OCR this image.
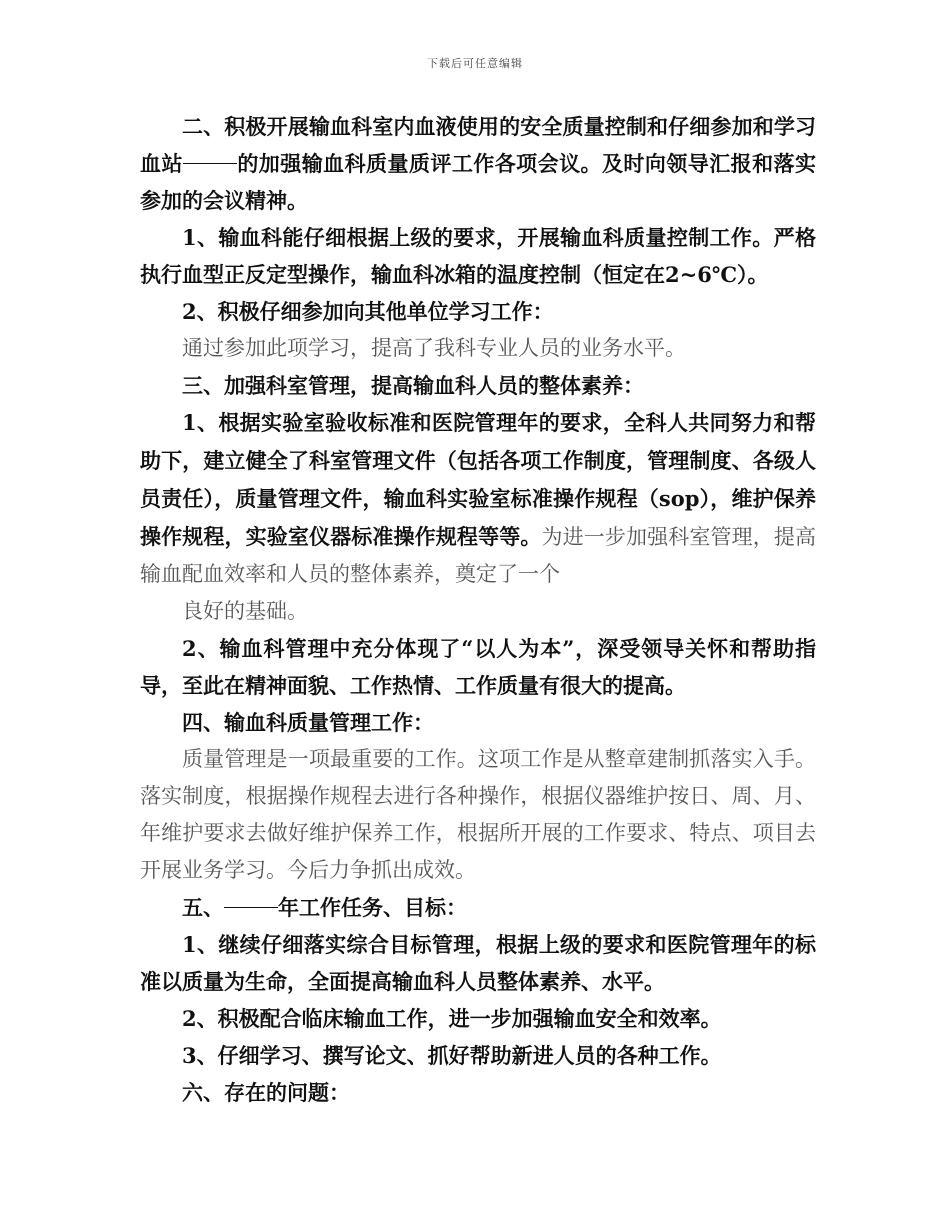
下载后可任意编辑

二、积极开展输血科室内血液使用的安全质量控制和仔细参加和学习血站	的加强输血科质量质评工作各项会议。及时向领导汇报和落实参加的会议精神。

1、输血科能仔细根据上级的要求，开展输血科质量控制工作。严格执行血型正反定型操作，输血科冰箱的温度控制（恒定在2~6℃）。

2、积极仔细参加向其他单位学习工作：

通过参加此项学习，提高了我科专业人员的业务水平。

三、加强科室管理，提高输血科人员的整体素养：

1、根据实验室验收标准和医院管理年的要求，全科人共同努力和帮助下，建立健全了科室管理文件（包括各项工作制度，管理制度、各级人员责任），质量管理文件，输血科实验室标准操作规程（sop），维护保养操作规程，实验室仪器标准操作规程等等。为进一步加强科室管理，提高输血配血效率和人员的整体素养，奠定了一个

良好的基础。

2、输血科管理中充分体现了“以人为本”，深受领导关怀和帮助指导，至此在精神面貌、工作热情、工作质量有很大的提高。

四、输血科质量管理工作：

质量管理是一项最重要的工作。这项工作是从整章建制抓落实入手。落实制度，根据操作规程去进行各种操作，根据仪器维护按日、周、月、年维护要求去做好维护保养工作，根据所开展的工作要求、特点、项目去开展业务学习。今后力争抓出成效。

五、	年工作任务、目标：

1、继续仔细落实综合目标管理，根据上级的要求和医院管理年的标准以质量为生命，全面提高输血科人员整体素养、水平。

2、积极配合临床输血工作，进一步加强输血安全和效率。

3、仔细学习、撰写论文、抓好帮助新进人员的各种工作。

六、存在的问题：
